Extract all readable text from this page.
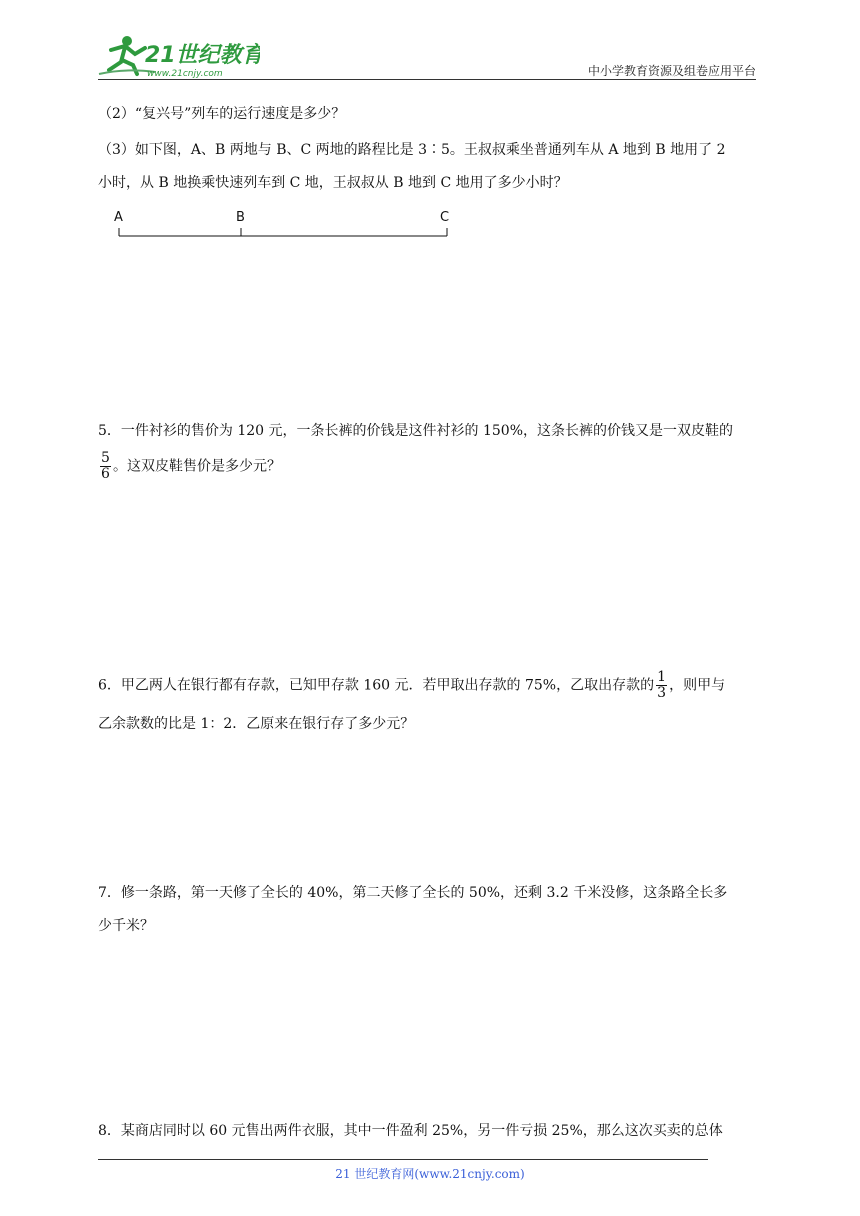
21世纪教育
www.21cnjy.com	中小学教育资源及组卷应用平台
（2）“复兴号”列车的运行速度是多少？
（3）如下图，A、B 两地与 B、C 两地的路程比是 3∶5。王叔叔乘坐普通列车从 A 地到 B 地用了 2
小时，从 B 地换乘快速列车到 C 地，王叔叔从 B 地到 C 地用了多少小时？
A	B	C
5．一件衬衫的售价为 120 元，一条长裤的价钱是这件衬衫的 150%，这条长裤的价钱又是一双皮鞋的
$\frac{5}{6}$ 。这双皮鞋售价是多少元？
6．甲乙两人在银行都有存款，已知甲存款 160 元．若甲取出存款的 75%，乙取出存款的 $\frac{1}{3}$ ，则甲与
乙余款数的比是 1：2．乙原来在银行存了多少元？
7．修一条路，第一天修了全长的 40%，第二天修了全长的 50%，还剩 3.2 千米没修，这条路全长多
少千米？
8．某商店同时以 60 元售出两件衣服，其中一件盈利 25%，另一件亏损 25%，那么这次买卖的总体
21 世纪教育网(www.21cnjy.com)
